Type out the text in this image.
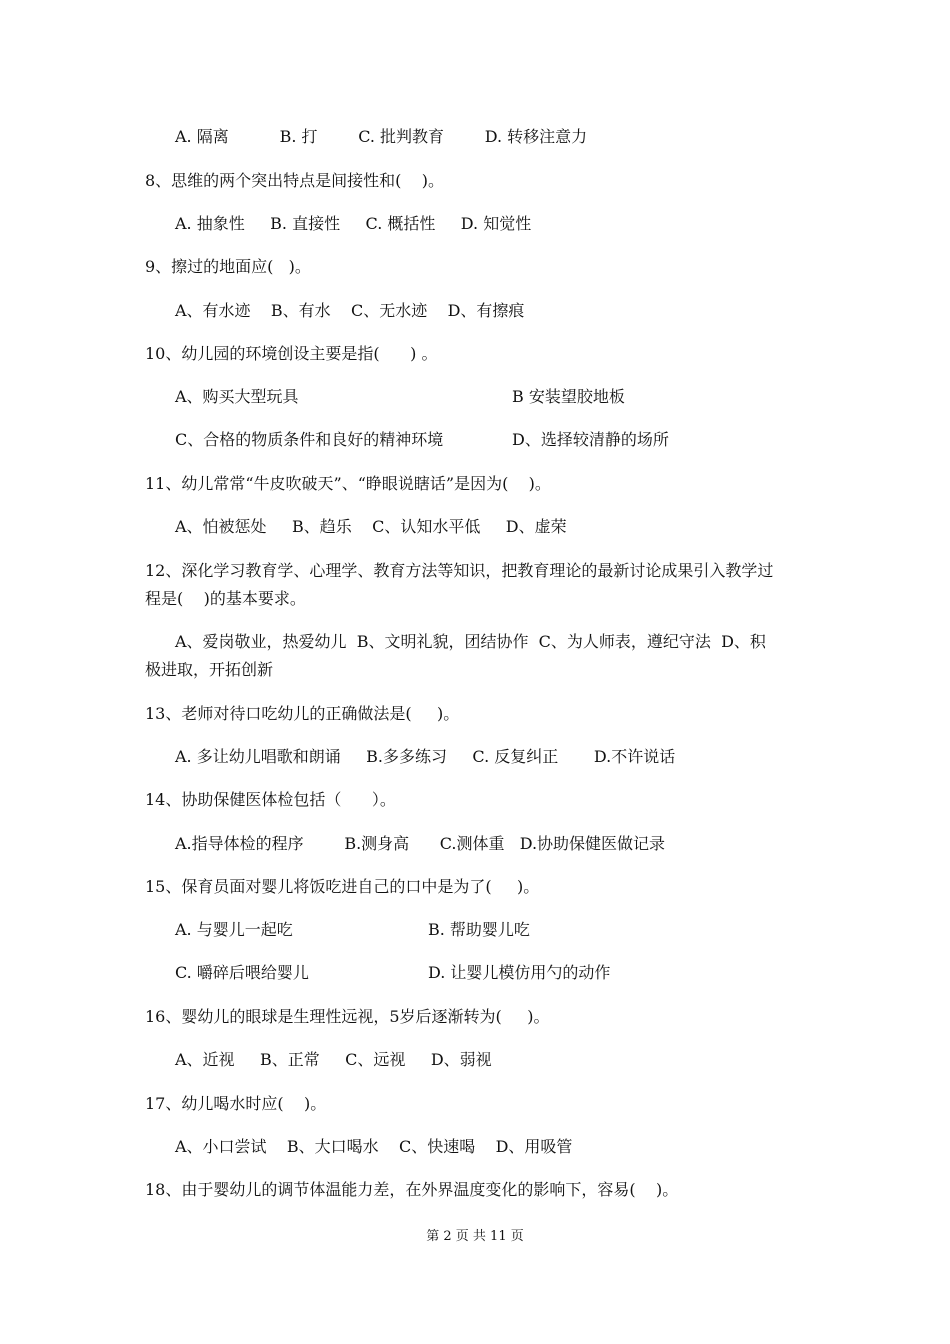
A. 隔离          B. 打        C. 批判教育        D. 转移注意力
8、思维的两个突出特点是间接性和(    )。
A. 抽象性     B. 直接性     C. 概括性     D. 知觉性
9、擦过的地面应(   )。
A、有水迹    B、有水    C、无水迹    D、有擦痕
10、幼儿园的环境创设主要是指(      ) 。
A、购买大型玩具	B 安装望胶地板
C、合格的物质条件和良好的精神环境	D、选择较清静的场所
11、幼儿常常“牛皮吹破天”、“睁眼说瞎话”是因为(    )。
A、怕被惩处     B、趋乐    C、认知水平低     D、虚荣
12、深化学习教育学、心理学、教育方法等知识，把教育理论的最新讨论成果引入教学过
程是(    )的基本要求。
A、爱岗敬业，热爱幼儿  B、文明礼貌，团结协作  C、为人师表，遵纪守法  D、积
极进取，开拓创新
13、老师对待口吃幼儿的正确做法是(     )。
A. 多让幼儿唱歌和朗诵     B.多多练习     C. 反复纠正       D.不许说话
14、协助保健医体检包括（      ）。
A.指导体检的程序        B.测身高      C.测体重   D.协助保健医做记录
15、保育员面对婴儿将饭吃进自己的口中是为了(     )。
A. 与婴儿一起吃	B. 帮助婴儿吃
C. 嚼碎后喂给婴儿	D. 让婴儿模仿用勺的动作
16、婴幼儿的眼球是生理性远视，5岁后逐渐转为(     )。
A、近视     B、正常     C、远视     D、弱视
17、幼儿喝水时应(    )。
A、小口尝试    B、大口喝水    C、快速喝    D、用吸管
18、由于婴幼儿的调节体温能力差，在外界温度变化的影响下，容易(    )。
第 2 页 共 11 页
